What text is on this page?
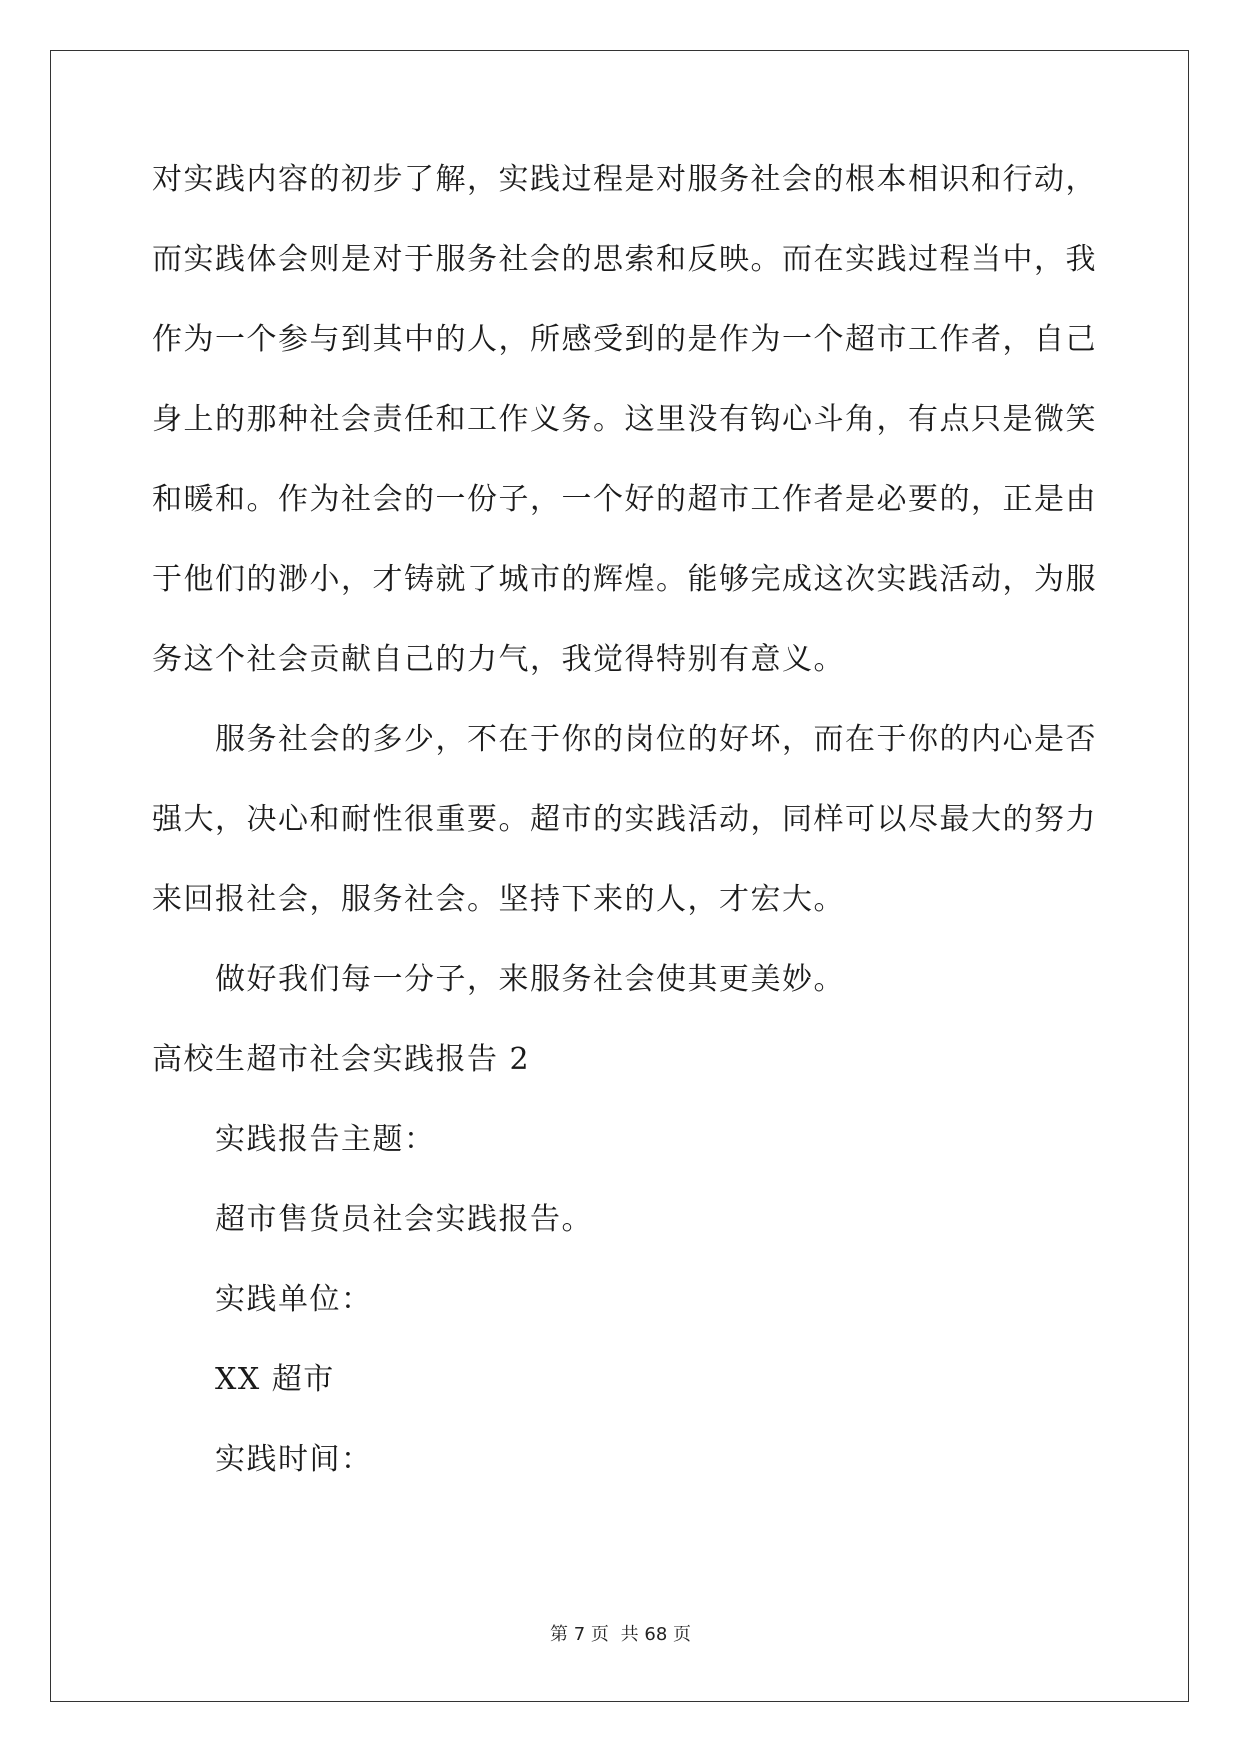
对实践内容的初步了解，实践过程是对服务社会的根本相识和行动，

而实践体会则是对于服务社会的思索和反映。而在实践过程当中，我

作为一个参与到其中的人，所感受到的是作为一个超市工作者，自己

身上的那种社会责任和工作义务。这里没有钩心斗角，有点只是微笑

和暖和。作为社会的一份子，一个好的超市工作者是必要的，正是由

于他们的渺小，才铸就了城市的辉煌。能够完成这次实践活动，为服

务这个社会贡献自己的力气，我觉得特别有意义。

服务社会的多少，不在于你的岗位的好坏，而在于你的内心是否

强大，决心和耐性很重要。超市的实践活动，同样可以尽最大的努力

来回报社会，服务社会。坚持下来的人，才宏大。

做好我们每一分子，来服务社会使其更美妙。

高校生超市社会实践报告 2

实践报告主题：

超市售货员社会实践报告。

实践单位：

XX 超市

实践时间：

第 7 页 共 68 页
